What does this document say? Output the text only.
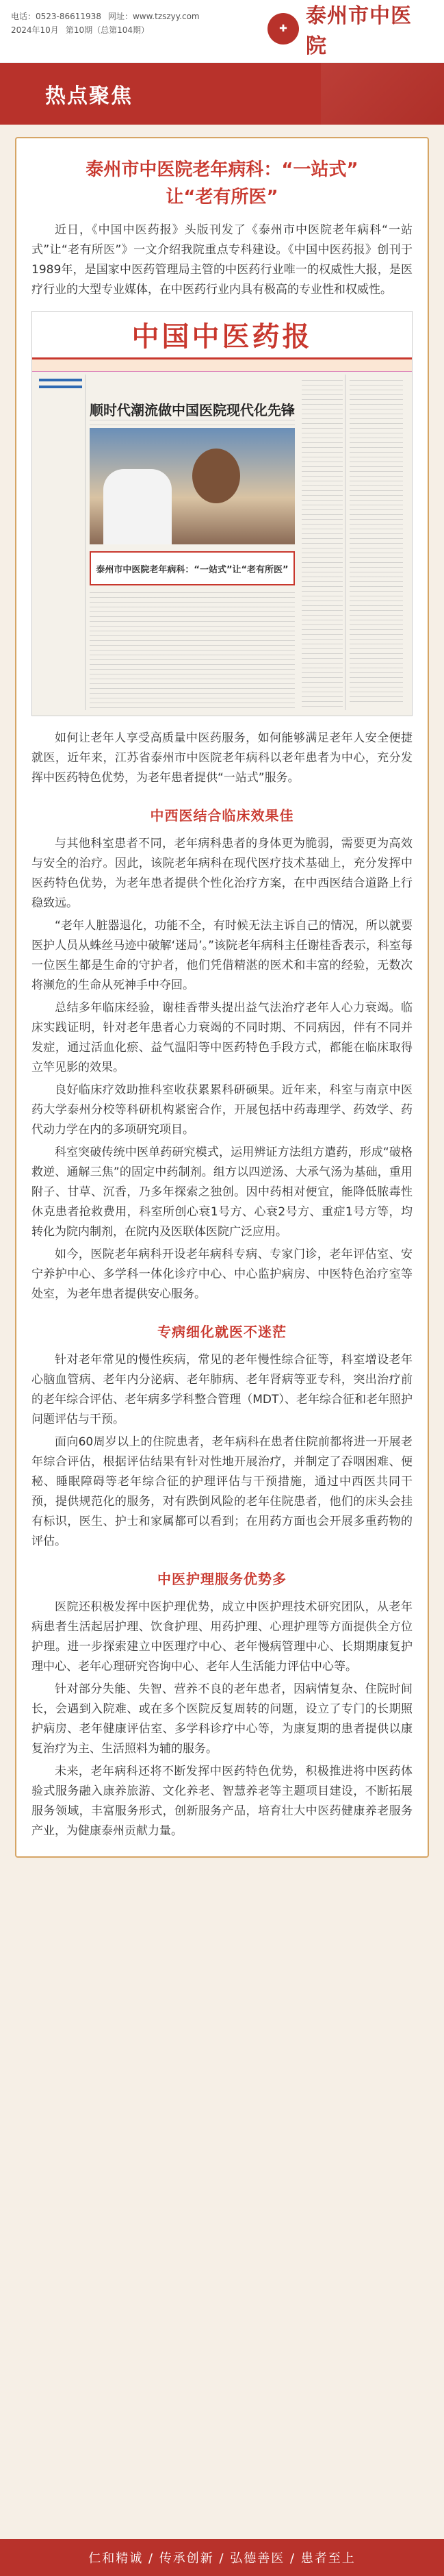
电话：0523-86611938 网址：www.tzszyy.com
2024年10月 第10期（总第104期）	✚
泰州市中医院
热点聚焦
泰州市中医院老年病科：“一站式”
让“老有所医”

近日，《中国中医药报》头版刊发了《泰州市中医院老年病科“一站式”让“老有所医”》一文介绍我院重点专科建设。《中国中医药报》创刊于1989年，是国家中医药管理局主管的中医药行业唯一的权威性大报，是医疗行业的大型专业媒体，在中医药行业内具有极高的专业性和权威性。

中国中医药报
顺时代潮流做中国医院现代化先锋
泰州市中医院老年病科：“一站式”让“老有所医”

如何让老年人享受高质量中医药服务，如何能够满足老年人安全便捷就医，近年来，江苏省泰州市中医院老年病科以老年患者为中心，充分发挥中医药特色优势，为老年患者提供“一站式”服务。

中西医结合临床效果佳

与其他科室患者不同，老年病科患者的身体更为脆弱，需要更为高效与安全的治疗。因此，该院老年病科在现代医疗技术基础上，充分发挥中医药特色优势，为老年患者提供个性化治疗方案，在中西医结合道路上行稳致远。

“老年人脏器退化，功能不全，有时候无法主诉自己的情况，所以就要医护人员从蛛丝马迹中破解‘迷局’。”该院老年病科主任谢桂香表示，科室每一位医生都是生命的守护者，他们凭借精湛的医术和丰富的经验，无数次将濒危的生命从死神手中夺回。

总结多年临床经验，谢桂香带头提出益气法治疗老年人心力衰竭。临床实践证明，针对老年患者心力衰竭的不同时期、不同病因，伴有不同并发症，通过活血化瘀、益气温阳等中医药特色手段方式，都能在临床取得立竿见影的效果。

良好临床疗效助推科室收获累累科研硕果。近年来，科室与南京中医药大学泰州分校等科研机构紧密合作，开展包括中药毒理学、药效学、药代动力学在内的多项研究项目。

科室突破传统中医单药研究模式，运用辨证方法组方遣药，形成“破格救逆、通解三焦”的固定中药制剂。组方以四逆汤、大承气汤为基础，重用附子、甘草、沉香，乃多年探索之独创。因中药相对便宜，能降低脓毒性休克患者抢救费用，科室所创心衰1号方、心衰2号方、重症1号方等，均转化为院内制剂，在院内及医联体医院广泛应用。

如今，医院老年病科开设老年病科专病、专家门诊，老年评估室、安宁养护中心、多学科一体化诊疗中心、中心监护病房、中医特色治疗室等处室，为老年患者提供安心服务。

专病细化就医不迷茫

针对老年常见的慢性疾病，常见的老年慢性综合征等，科室增设老年心脑血管病、老年内分泌病、老年肺病、老年肾病等亚专科，突出治疗前的老年综合评估、老年病多学科整合管理（MDT）、老年综合征和老年照护问题评估与干预。

面向60周岁以上的住院患者，老年病科在患者住院前都将进一开展老年综合评估，根据评估结果有针对性地开展治疗，并制定了吞咽困难、便秘、睡眠障碍等老年综合征的护理评估与干预措施，通过中西医共同干预，提供规范化的服务，对有跌倒风险的老年住院患者，他们的床头会挂有标识，医生、护士和家属都可以看到；在用药方面也会开展多重药物的评估。

中医护理服务优势多

医院还积极发挥中医护理优势，成立中医护理技术研究团队，从老年病患者生活起居护理、饮食护理、用药护理、心理护理等方面提供全方位护理。进一步探索建立中医理疗中心、老年慢病管理中心、长期期康复护理中心、老年心理研究咨询中心、老年人生活能力评估中心等。

针对部分失能、失智、营养不良的老年患者，因病情复杂、住院时间长，会遇到入院难、或在多个医院反复周转的问题，设立了专门的长期照护病房、老年健康评估室、多学科诊疗中心等，为康复期的患者提供以康复治疗为主、生活照料为辅的服务。

未来，老年病科还将不断发挥中医药特色优势，积极推进将中医药体验式服务融入康养旅游、文化养老、智慧养老等主题项目建设，不断拓展服务领域，丰富服务形式，创新服务产品，培育壮大中医药健康养老服务产业，为健康泰州贡献力量。

仁和精诚 / 传承创新 / 弘德善医 / 患者至上
